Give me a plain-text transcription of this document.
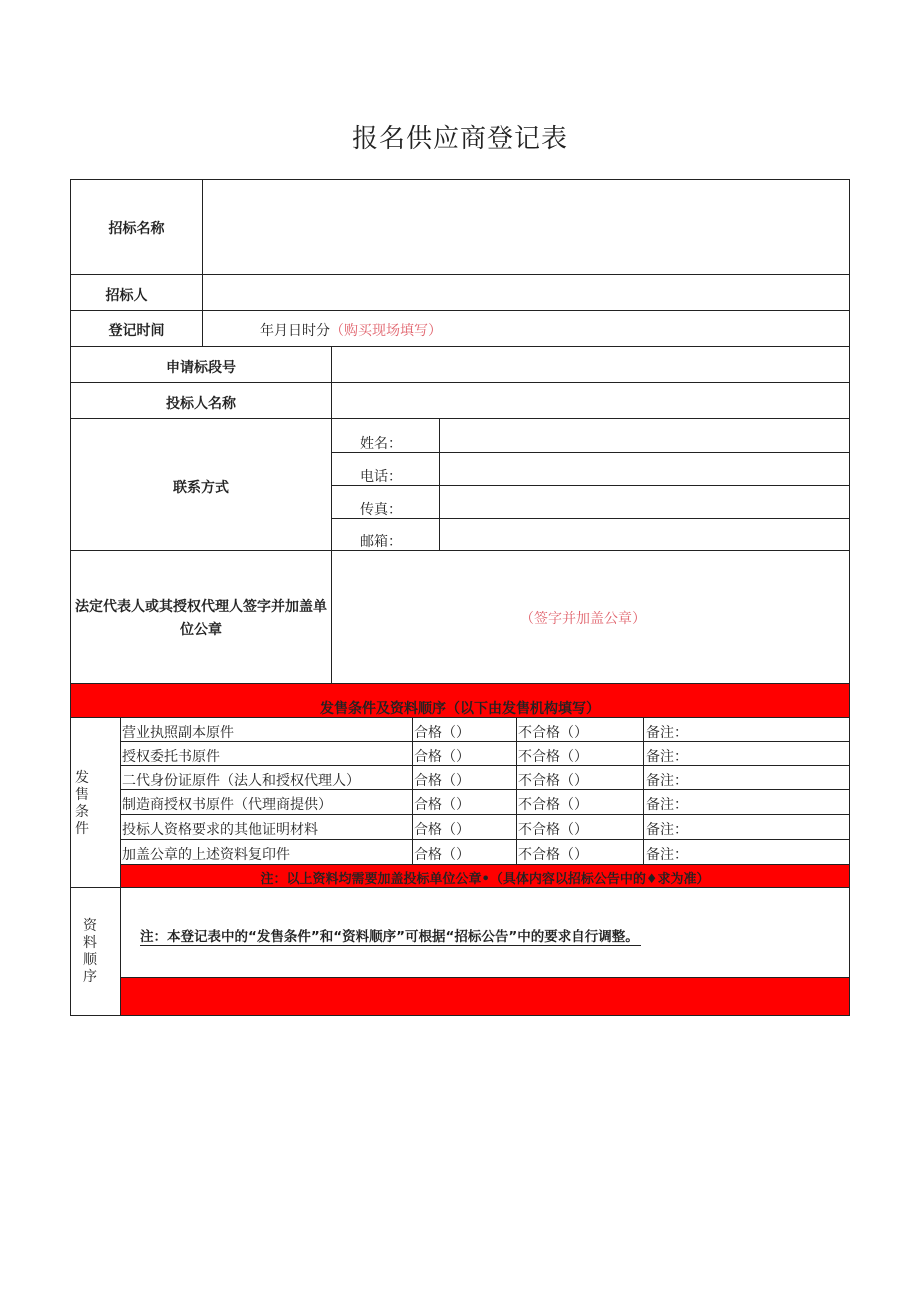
报名供应商登记表
招标名称
招标人
登记时间	年月日时分（购买现场填写）
申请标段号
投标人名称
联系方式
姓名：
电话：
传真：
邮箱：
法定代表人或其授权代理人签字并加盖单位公章
（签字并加盖公章）
发售条件及资料顺序（以下由发售机构填写）
发售条件
营业执照副本原件	合格（）	不合格（）	备注：
授权委托书原件	合格（）	不合格（）	备注：
二代身份证原件（法人和授权代理人）	合格（）	不合格（）	备注：
制造商授权书原件（代理商提供）	合格（）	不合格（）	备注：
投标人资格要求的其他证明材料	合格（）	不合格（）	备注：
加盖公章的上述资料复印件	合格（）	不合格（）	备注：
注：以上资料均需要加盖投标单位公章•（具体内容以招标公告中的♦求为准）
资料顺序
注：本登记表中的“发售条件”和“资料顺序”可根据“招标公告”中的要求自行调整。
